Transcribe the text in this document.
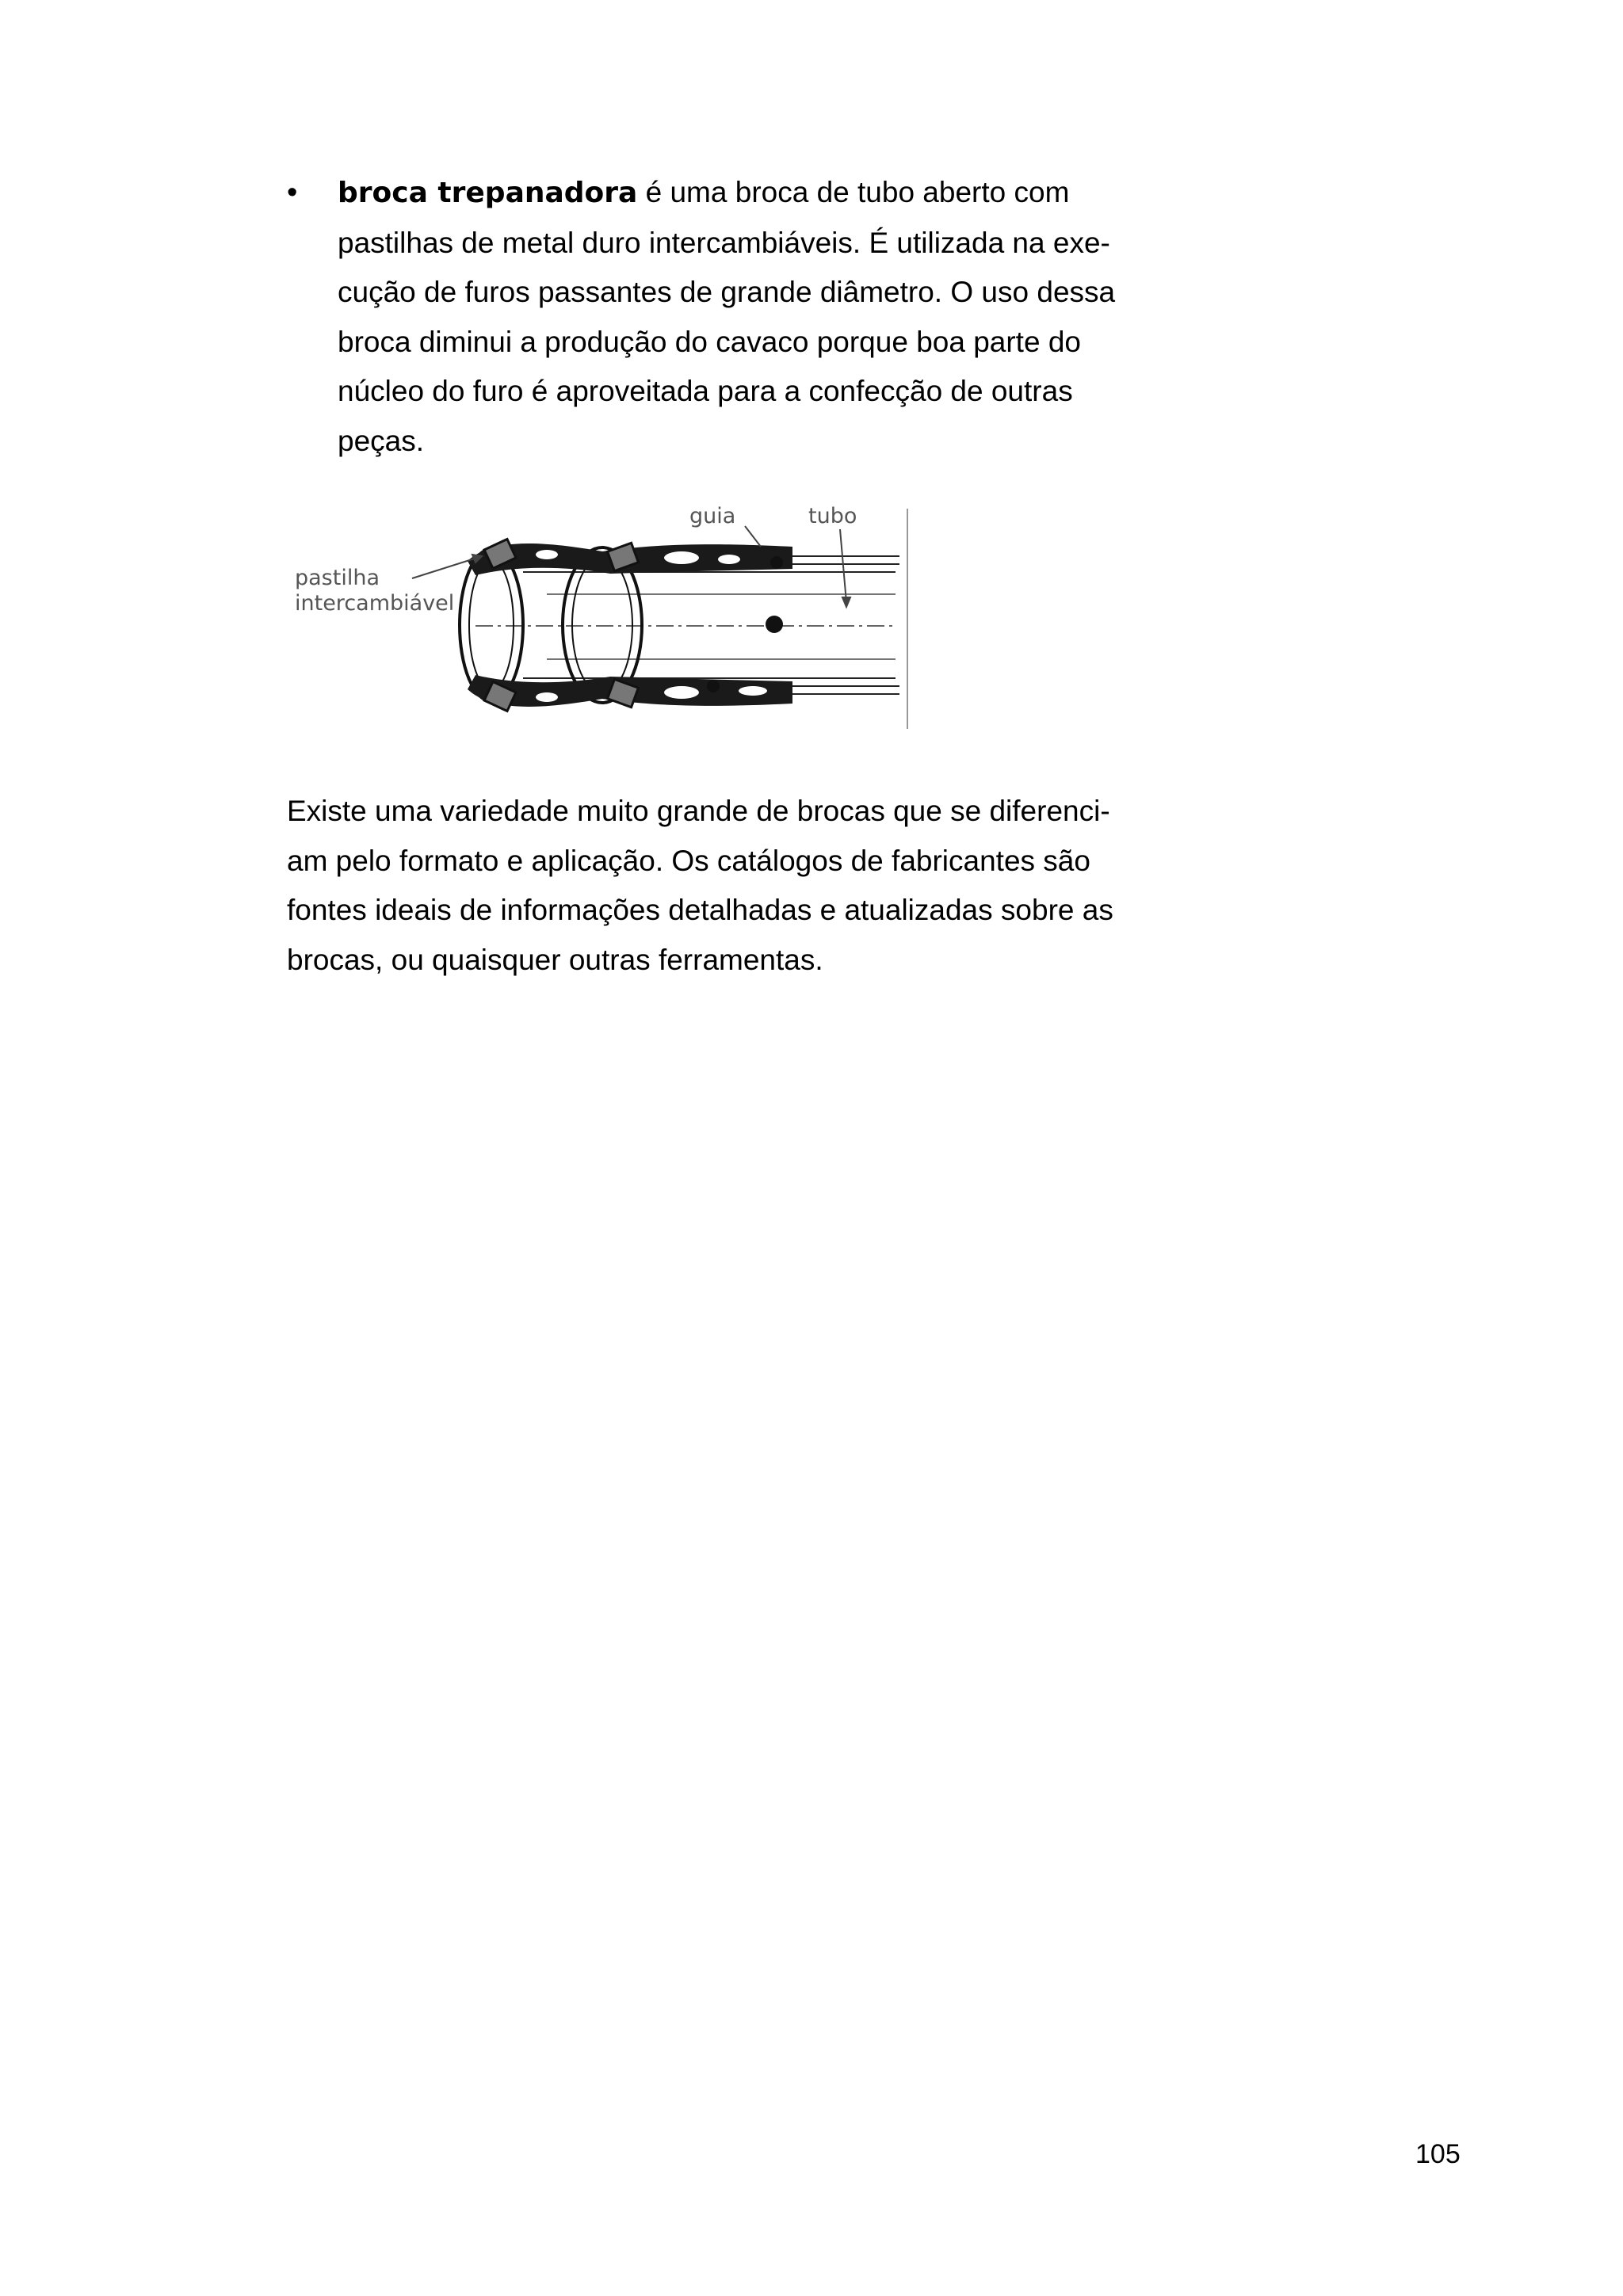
• broca trepanadora é uma broca de tubo aberto com
pastilhas de metal duro intercambiáveis. É utilizada na exe-
cução de furos passantes de grande diâmetro. O uso dessa
broca diminui a produção do cavaco porque boa parte do
núcleo do furo é aproveitada para a confecção de outras
peças.
guia	tubo
pastilha
intercambiável
Existe uma variedade muito grande de brocas que se diferenci-
am pelo formato e aplicação. Os catálogos de fabricantes são
fontes ideais de informações detalhadas e atualizadas sobre as
brocas, ou quaisquer outras ferramentas.
105
